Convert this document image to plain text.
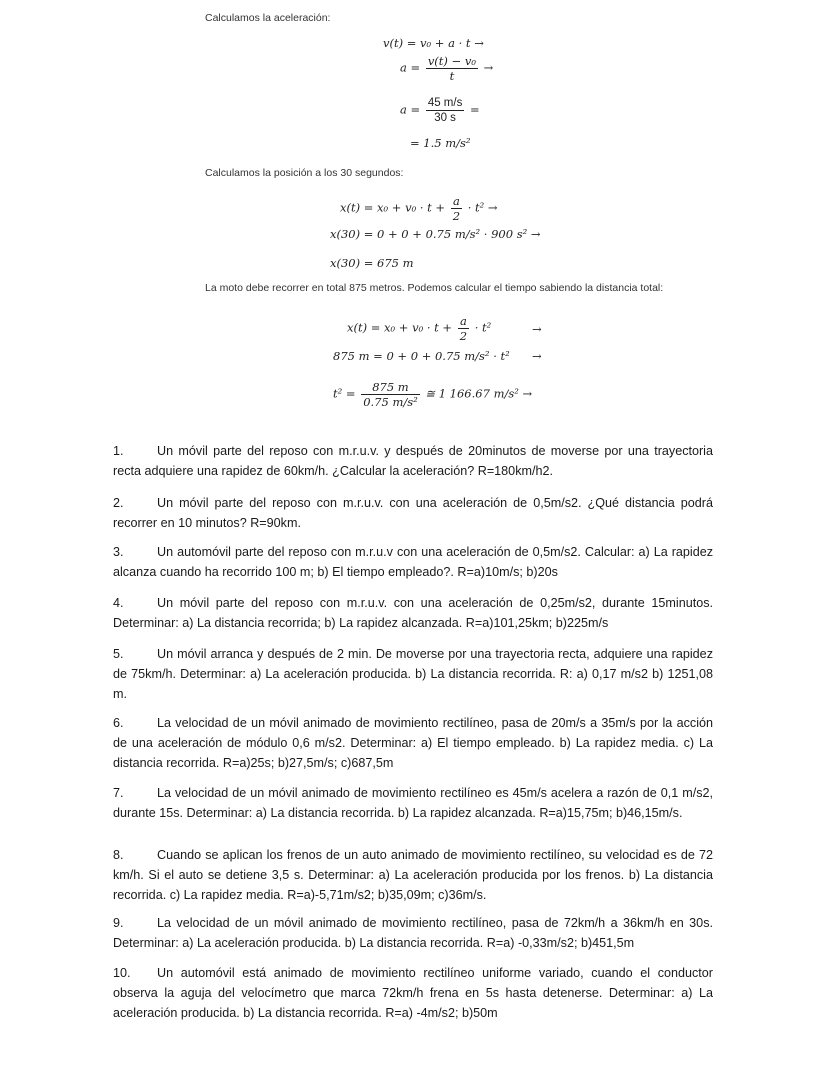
Calculamos la aceleración:
v(t) = v₀ + a · t →
$a = \frac{\text{v(t) − v₀}}{t}$ →
$a = \frac{45 m/s}{30 s}$ =
= 1.5 m/s²
Calculamos la posición a los 30 segundos:
$x(t) = x_0 + v_0 \cdot t + \frac{a}{2} \cdot t^2$ →
x(30) = 0 + 0 + 0.75 m/s² · 900 s² →
x(30) = 675 m
La moto debe recorrer en total 875 metros. Podemos calcular el tiempo sabiendo la distancia total:
$x(t) = x_0 + v_0 \cdot t + \frac{a}{2} \cdot t^2$	→
875 m = 0 + 0 + 0.75 m/s² · t² →
$t^2 = \frac{875 m}{\text{0.75 m/s²}}$ ≅ 1 166.67 m/s² →
1.	Un móvil parte del reposo con m.r.u.v. y después de 20minutos de moverse por una trayectoria recta adquiere una rapidez de 60km/h. ¿Calcular la aceleración? R=180km/h2.
2.	Un móvil parte del reposo con m.r.u.v. con una aceleración de 0,5m/s2. ¿Qué distancia podrá recorrer en 10 minutos? R=90km.
3.	Un automóvil parte del reposo con m.r.u.v con una aceleración de 0,5m/s2. Calcular: a) La rapidez alcanza cuando ha recorrido 100 m; b) El tiempo empleado?. R=a)10m/s; b)20s
4.	Un móvil parte del reposo con m.r.u.v. con una aceleración de 0,25m/s2, durante 15minutos. Determinar: a) La distancia recorrida; b) La rapidez alcanzada. R=a)101,25km; b)225m/s
5.	Un móvil arranca y después de 2 min. De moverse por una trayectoria recta, adquiere una rapidez de 75km/h. Determinar: a) La aceleración producida. b) La distancia recorrida. R: a) 0,17 m/s2 b) 1251,08 m.
6.	La velocidad de un móvil animado de movimiento rectilíneo, pasa de 20m/s a 35m/s por la acción de una aceleración de módulo 0,6 m/s2. Determinar: a) El tiempo empleado. b) La rapidez media. c) La distancia recorrida. R=a)25s; b)27,5m/s; c)687,5m
7.	La velocidad de un móvil animado de movimiento rectilíneo es 45m/s acelera a razón de 0,1 m/s2, durante 15s. Determinar: a) La distancia recorrida. b) La rapidez alcanzada. R=a)15,75m; b)46,15m/s.
8.	Cuando se aplican los frenos de un auto animado de movimiento rectilíneo, su velocidad es de 72 km/h. Si el auto se detiene 3,5 s. Determinar: a) La aceleración producida por los frenos. b) La distancia recorrida. c) La rapidez media. R=a)-5,71m/s2; b)35,09m; c)36m/s.
9.	La velocidad de un móvil animado de movimiento rectilíneo, pasa de 72km/h a 36km/h en 30s. Determinar: a) La aceleración producida. b) La distancia recorrida. R=a) -0,33m/s2; b)451,5m
10. Un automóvil está animado de movimiento rectilíneo uniforme variado, cuando el conductor observa la aguja del velocímetro que marca 72km/h frena en 5s hasta detenerse. Determinar: a) La aceleración producida. b) La distancia recorrida. R=a) -4m/s2; b)50m
